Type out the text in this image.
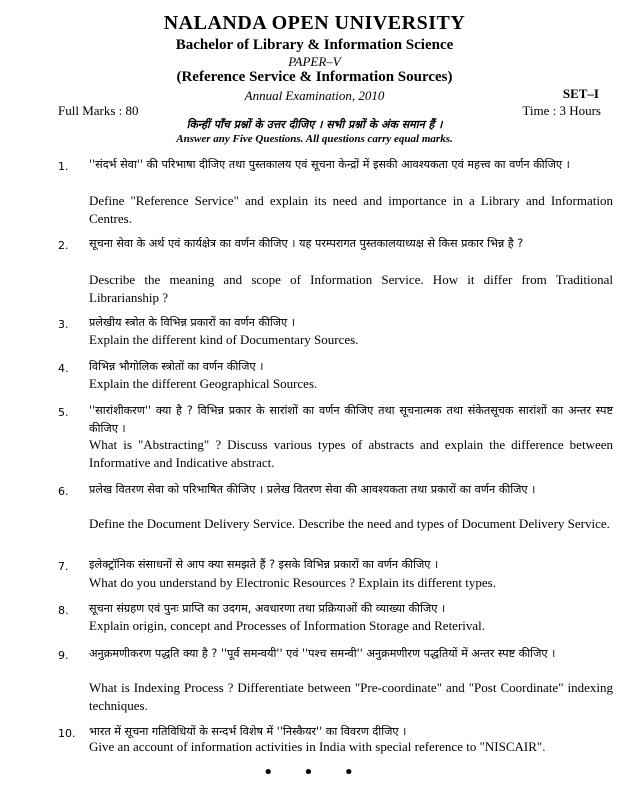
NALANDA OPEN UNIVERSITY
Bachelor of Library & Information Science
PAPER–V
(Reference Service & Information Sources)
Annual Examination, 2010	SET–I
Full Marks : 80	Time : 3 Hours
किन्हीं पाँच प्रश्नों के उत्तर दीजिए । सभी प्रश्नों के अंक समान हैं ।
Answer any Five Questions. All questions carry equal marks.
1. ''संदर्भ सेवा'' की परिभाषा दीजिए तथा पुस्तकालय एवं सूचना केन्द्रों में इसकी आवश्यकता एवं महत्त्व का वर्णन कीजिए ।
Define "Reference Service" and explain its need and importance in a Library and Information Centres.
2. सूचना सेवा के अर्थ एवं कार्यक्षेत्र का वर्णन कीजिए । यह परम्परागत पुस्तकालयाध्यक्ष से किस प्रकार भिन्न है ?
Describe the meaning and scope of Information Service. How it differ from Traditional Librarianship ?
3. प्रलेखीय स्त्रोत के विभिन्न प्रकारों का वर्णन कीजिए ।
Explain the different kind of Documentary Sources.
4. विभिन्न भौगोलिक स्त्रोतों का वर्णन कीजिए ।
Explain the different Geographical Sources.
5. ''सारांशीकरण'' क्या है ? विभिन्न प्रकार के सारांशों का वर्णन कीजिए तथा सूचनात्मक तथा संकेतसूचक सारांशों का अन्तर स्पष्ट कीजिए ।
What is "Abstracting" ? Discuss various types of abstracts and explain the difference between Informative and Indicative abstract.
6. प्रलेख वितरण सेवा को परिभाषित कीजिए । प्रलेख वितरण सेवा की आवश्यकता तथा प्रकारों का वर्णन कीजिए ।
Define the Document Delivery Service. Describe the need and types of Document Delivery Service.
7. इलेक्ट्रॉनिक संसाधनों से आप क्या समझते हैं ? इसके विभिन्न प्रकारों का वर्णन कीजिए ।
What do you understand by Electronic Resources ? Explain its different types.
8. सूचना संग्रहण एवं पुनः प्राप्ति का उदगम, अवधारणा तथा प्रक्रियाओं की व्याख्या कीजिए ।
Explain origin, concept and Processes of Information Storage and Reterival.
9. अनुक्रमणीकरण पद्धति क्या है ? ''पूर्व समन्वयी'' एवं ''पश्च समन्वी'' अनुक्रमणीरण पद्धतियों में अन्तर स्पष्ट कीजिए ।
What is Indexing Process ? Differentiate between "Pre-coordinate" and "Post Coordinate" indexing techniques.
10. भारत में सूचना गतिविधियों के सन्दर्भ विशेष में ''निस्कैयर'' का विवरण दीजिए ।
Give an account of information activities in India with special reference to "NISCAIR".
• • •
